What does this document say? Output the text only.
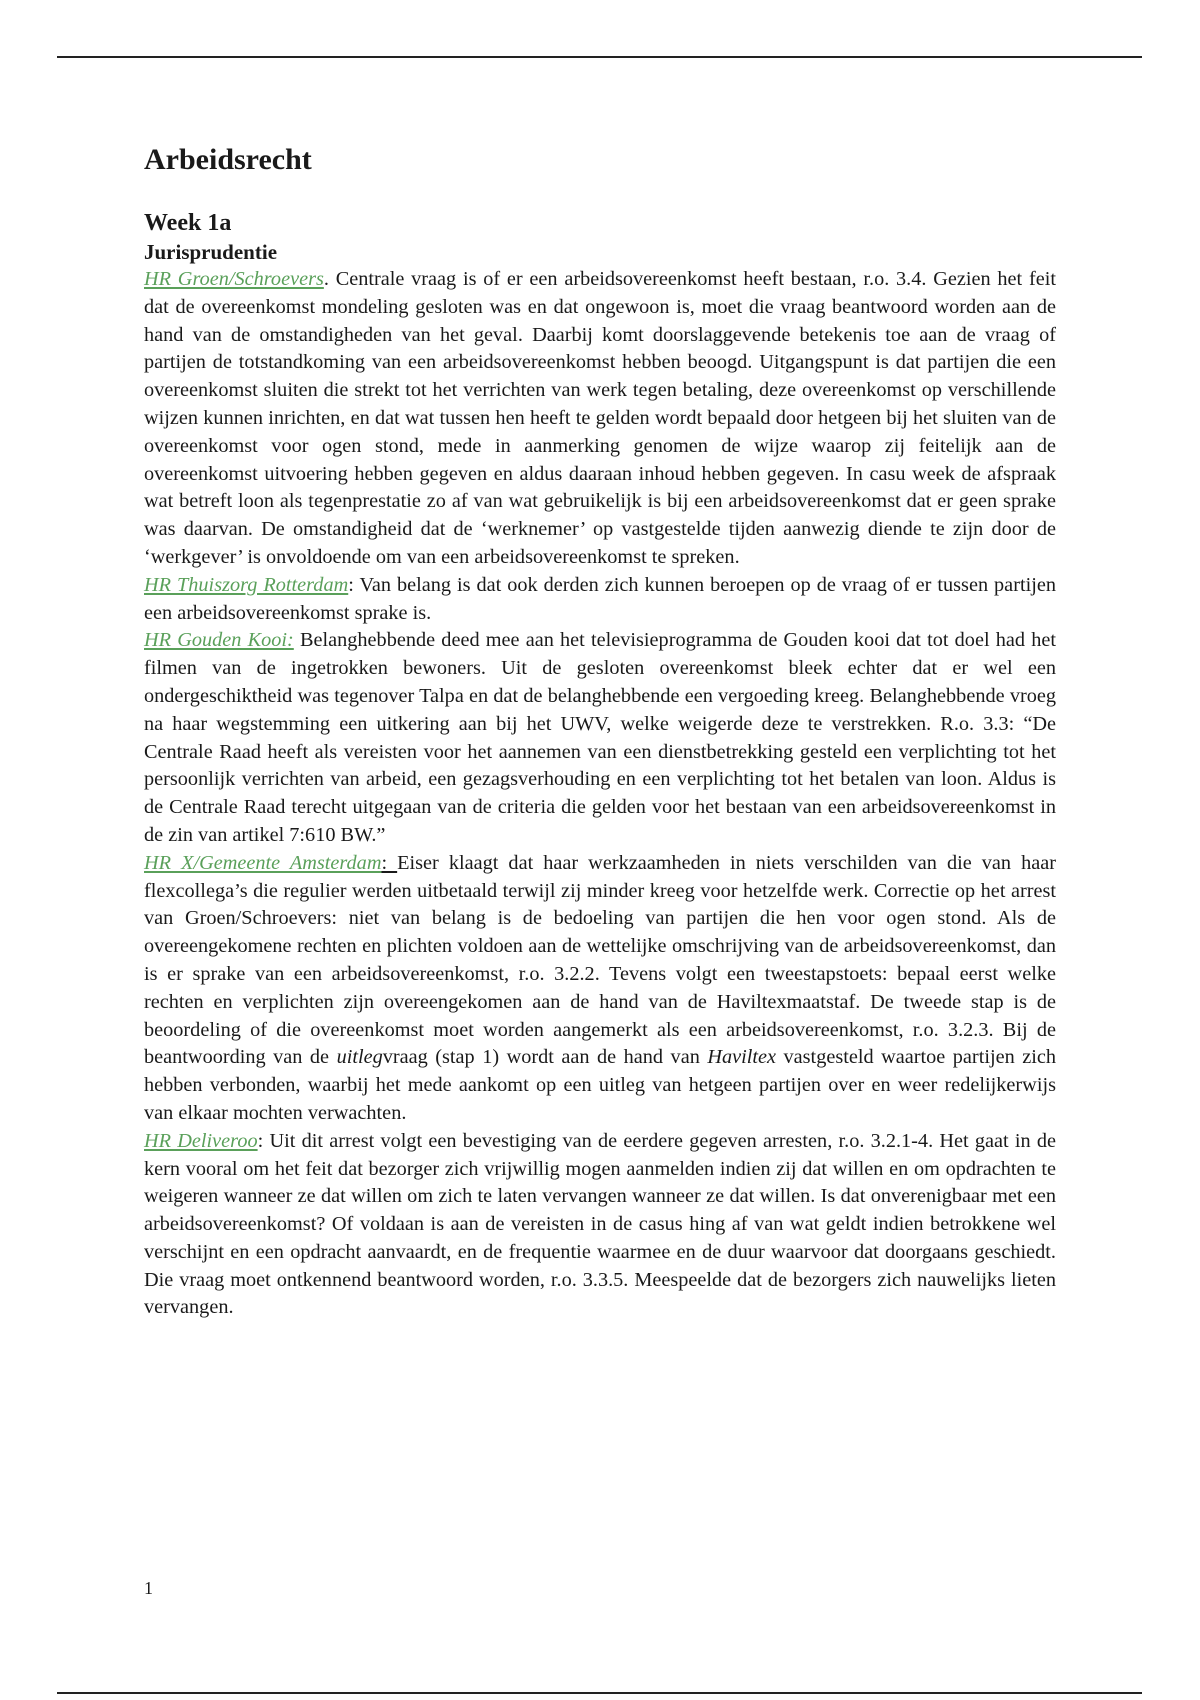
Arbeidsrecht
Week 1a
Jurisprudentie

HR Groen/Schroevers. Centrale vraag is of er een arbeidsovereenkomst heeft bestaan, r.o. 3.4. Gezien het feit dat de overeenkomst mondeling gesloten was en dat ongewoon is, moet die vraag beantwoord worden aan de hand van de omstandigheden van het geval. Daarbij komt doorslaggevende betekenis toe aan de vraag of partijen de totstandkoming van een arbeidsovereenkomst hebben beoogd. Uitgangspunt is dat partijen die een overeenkomst sluiten die strekt tot het verrichten van werk tegen betaling, deze overeenkomst op verschillende wijzen kunnen inrichten, en dat wat tussen hen heeft te gelden wordt bepaald door hetgeen bij het sluiten van de overeenkomst voor ogen stond, mede in aanmerking genomen de wijze waarop zij feitelijk aan de overeenkomst uitvoering hebben gegeven en aldus daaraan inhoud hebben gegeven. In casu week de afspraak wat betreft loon als tegenprestatie zo af van wat gebruikelijk is bij een arbeidsovereenkomst dat er geen sprake was daarvan. De omstandigheid dat de ‘werknemer’ op vastgestelde tijden aanwezig diende te zijn door de ‘werkgever’ is onvoldoende om van een arbeidsovereenkomst te spreken.

HR Thuiszorg Rotterdam: Van belang is dat ook derden zich kunnen beroepen op de vraag of er tussen partijen een arbeidsovereenkomst sprake is.

HR Gouden Kooi: Belanghebbende deed mee aan het televisieprogramma de Gouden kooi dat tot doel had het filmen van de ingetrokken bewoners. Uit de gesloten overeenkomst bleek echter dat er wel een ondergeschiktheid was tegenover Talpa en dat de belanghebbende een vergoeding kreeg. Belanghebbende vroeg na haar wegstemming een uitkering aan bij het UWV, welke weigerde deze te verstrekken. R.o. 3.3: “De Centrale Raad heeft als vereisten voor het aannemen van een dienstbetrekking gesteld een verplichting tot het persoonlijk verrichten van arbeid, een gezagsverhouding en een verplichting tot het betalen van loon. Aldus is de Centrale Raad terecht uitgegaan van de criteria die gelden voor het bestaan van een arbeidsovereenkomst in de zin van artikel 7:610 BW.”

HR X/Gemeente Amsterdam: Eiser klaagt dat haar werkzaamheden in niets verschilden van die van haar flexcollega’s die regulier werden uitbetaald terwijl zij minder kreeg voor hetzelfde werk. Correctie op het arrest van Groen/Schroevers: niet van belang is de bedoeling van partijen die hen voor ogen stond. Als de overeengekomene rechten en plichten voldoen aan de wettelijke omschrijving van de arbeidsovereenkomst, dan is er sprake van een arbeidsovereenkomst, r.o. 3.2.2. Tevens volgt een tweestapstoets: bepaal eerst welke rechten en verplichten zijn overeengekomen aan de hand van de Haviltexmaatstaf. De tweede stap is de beoordeling of die overeenkomst moet worden aangemerkt als een arbeidsovereenkomst, r.o. 3.2.3. Bij de beantwoording van de uitlegvraag (stap 1) wordt aan de hand van Haviltex vastgesteld waartoe partijen zich hebben verbonden, waarbij het mede aankomt op een uitleg van hetgeen partijen over en weer redelijkerwijs van elkaar mochten verwachten.

HR Deliveroo: Uit dit arrest volgt een bevestiging van de eerdere gegeven arresten, r.o. 3.2.1-4. Het gaat in de kern vooral om het feit dat bezorger zich vrijwillig mogen aanmelden indien zij dat willen en om opdrachten te weigeren wanneer ze dat willen om zich te laten vervangen wanneer ze dat willen. Is dat onverenigbaar met een arbeidsovereenkomst? Of voldaan is aan de vereisten in de casus hing af van wat geldt indien betrokkene wel verschijnt en een opdracht aanvaardt, en de frequentie waarmee en de duur waarvoor dat doorgaans geschiedt. Die vraag moet ontkennend beantwoord worden, r.o. 3.3.5. Meespeelde dat de bezorgers zich nauwelijks lieten vervangen.

1
